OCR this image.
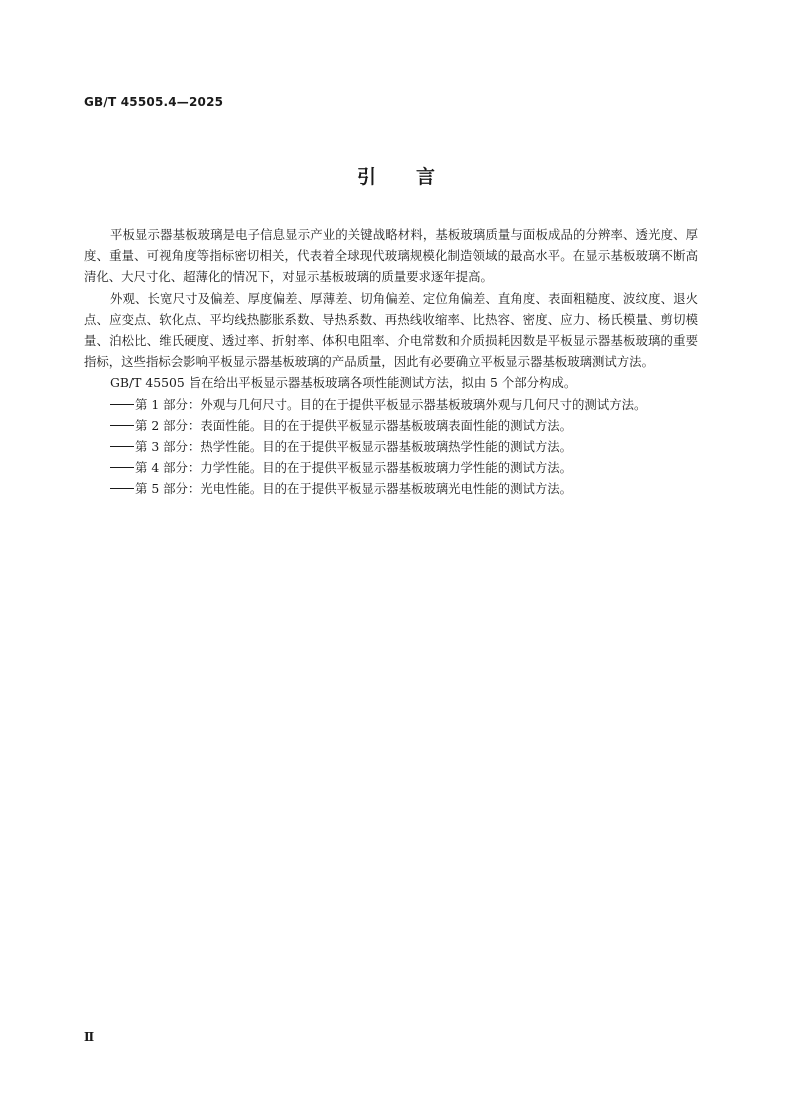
GB/T 45505.4—2025
引言

平板显示器基板玻璃是电子信息显示产业的关键战略材料，基板玻璃质量与面板成品的分辨率、透光度、厚度、重量、可视角度等指标密切相关，代表着全球现代玻璃规模化制造领域的最高水平。在显示基板玻璃不断高清化、大尺寸化、超薄化的情况下，对显示基板玻璃的质量要求逐年提高。

外观、长宽尺寸及偏差、厚度偏差、厚薄差、切角偏差、定位角偏差、直角度、表面粗糙度、波纹度、退火点、应变点、软化点、平均线热膨胀系数、导热系数、再热线收缩率、比热容、密度、应力、杨氏模量、剪切模量、泊松比、维氏硬度、透过率、折射率、体积电阻率、介电常数和介质损耗因数是平板显示器基板玻璃的重要指标，这些指标会影响平板显示器基板玻璃的产品质量，因此有必要确立平板显示器基板玻璃测试方法。

GB/T 45505 旨在给出平板显示器基板玻璃各项性能测试方法，拟由 5 个部分构成。

第 1 部分：外观与几何尺寸。目的在于提供平板显示器基板玻璃外观与几何尺寸的测试方法。

第 2 部分：表面性能。目的在于提供平板显示器基板玻璃表面性能的测试方法。

第 3 部分：热学性能。目的在于提供平板显示器基板玻璃热学性能的测试方法。

第 4 部分：力学性能。目的在于提供平板显示器基板玻璃力学性能的测试方法。

第 5 部分：光电性能。目的在于提供平板显示器基板玻璃光电性能的测试方法。

Ⅱ
